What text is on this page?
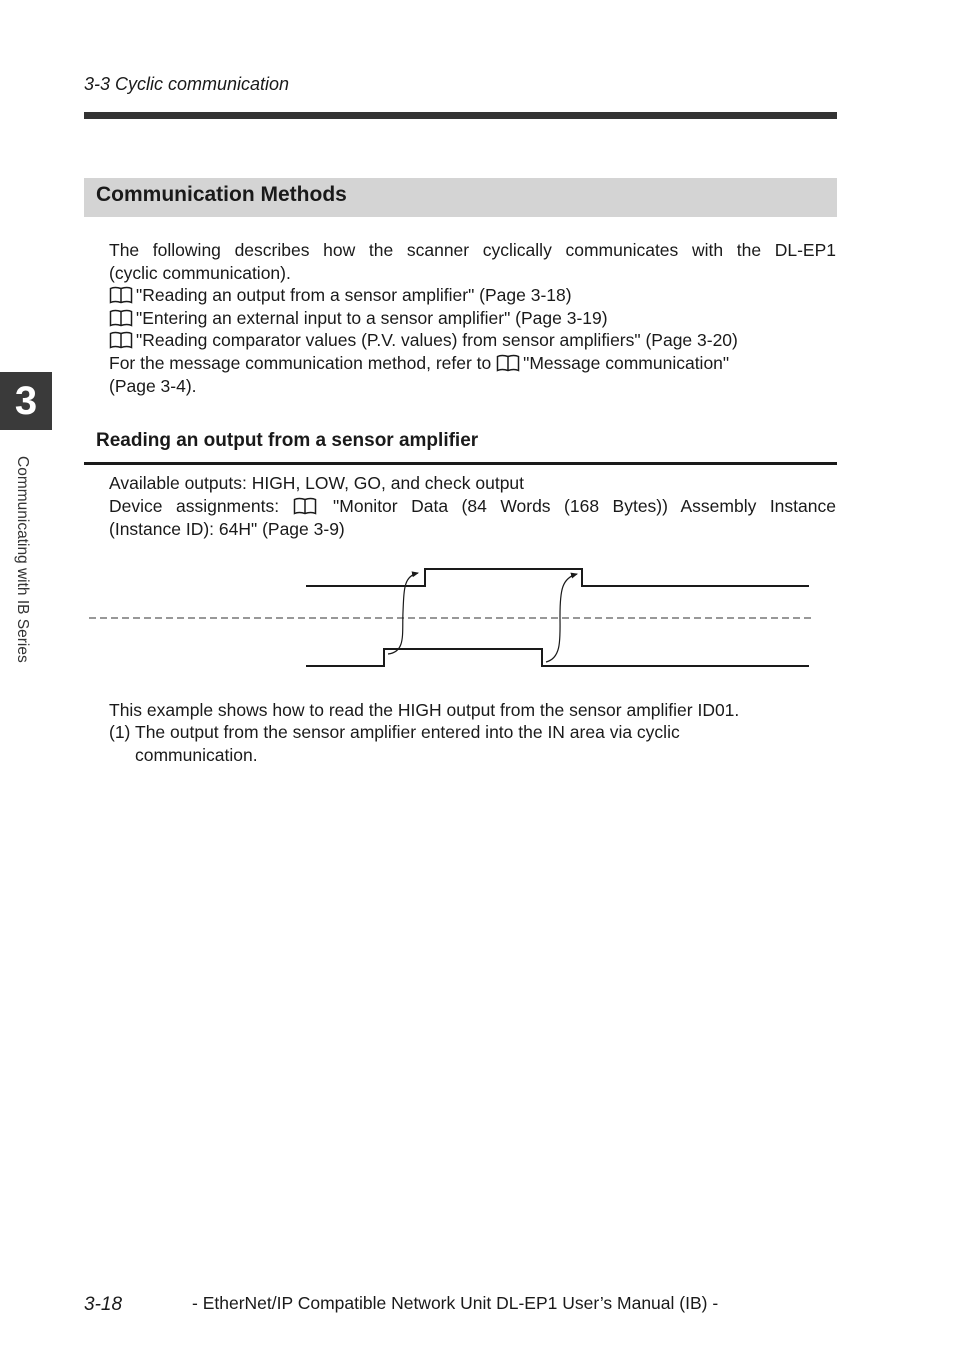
3-3 Cyclic communication
Communication Methods
The following describes how the scanner cyclically communicates with the DL-EP1
(cyclic communication).
"Reading an output from a sensor amplifier" (Page 3-18)
"Entering an external input to a sensor amplifier" (Page 3-19)
"Reading comparator values (P.V. values) from sensor amplifiers" (Page 3-20)
For the message communication method, refer to "Message communication"
(Page 3-4).
3
Communicating with IB Series
Reading an output from a sensor amplifier
Available outputs: HIGH, LOW, GO, and check output
Device assignments:	"Monitor Data (84 Words (168 Bytes)) Assembly Instance
(Instance ID): 64H" (Page 3-9)
This example shows how to read the HIGH output from the sensor amplifier ID01.
(1) The output from the sensor amplifier entered into the IN area via cyclic
communication.
3-18	- EtherNet/IP Compatible Network Unit DL-EP1 User’s Manual (IB) -
